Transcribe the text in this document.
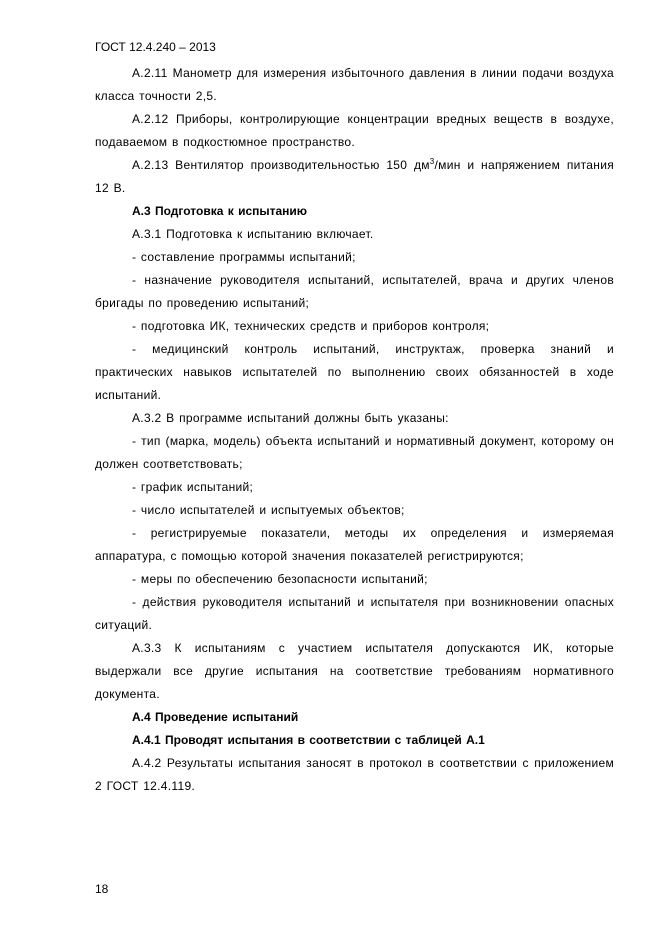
ГОСТ 12.4.240 – 2013

А.2.11 Манометр для измерения избыточного давления в линии подачи воздуха класса точности 2,5.

А.2.12 Приборы, контролирующие концентрации вредных веществ в воздухе, подаваемом в подкостюмное пространство.

А.2.13 Вентилятор производительностью 150 $дм^3$/мин и напряжением питания 12 В.

А.3 Подготовка к испытанию

А.3.1 Подготовка к испытанию включает.

- составление программы испытаний;

- назначение руководителя испытаний, испытателей, врача и других членов бригады по проведению испытаний;

- подготовка ИК, технических средств и приборов контроля;

- медицинский контроль испытаний, инструктаж, проверка знаний и практических навыков испытателей по выполнению своих обязанностей в ходе испытаний.

А.3.2 В программе испытаний должны быть указаны:

- тип (марка, модель) объекта испытаний и нормативный документ, которому он должен соответствовать;

- график испытаний;

- число испытателей и испытуемых объектов;

- регистрируемые показатели, методы их определения и измеряемая аппаратура, с помощью которой значения показателей регистрируются;

- меры по обеспечению безопасности испытаний;

- действия руководителя испытаний и испытателя при возникновении опасных ситуаций.

А.3.3 К испытаниям с участием испытателя допускаются ИК, которые выдержали все другие испытания на соответствие требованиям нормативного документа.

А.4 Проведение испытаний

А.4.1 Проводят испытания в соответствии с таблицей А.1

А.4.2 Результаты испытания заносят в протокол в соответствии с приложением 2 ГОСТ 12.4.119.

18
